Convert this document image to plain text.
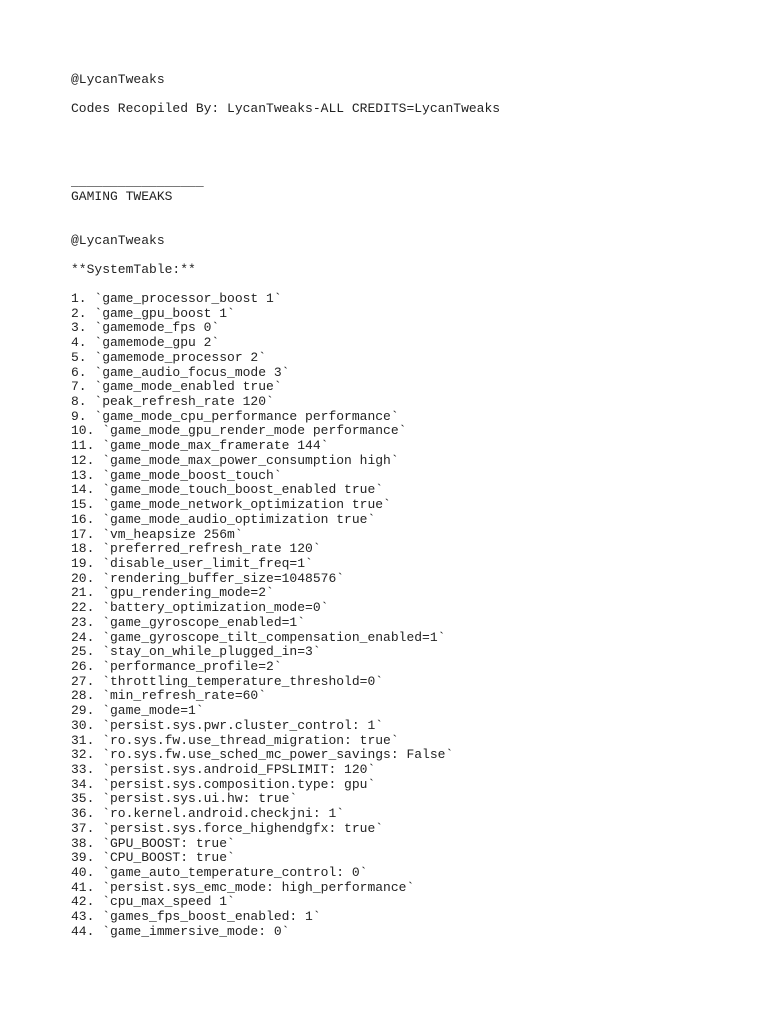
@LycanTweaks
Codes Recopiled By: LycanTweaks-ALL CREDITS=LycanTweaks
_________________
GAMING TWEAKS
@LycanTweaks
**SystemTable:**
1. `game_processor_boost 1`
2. `game_gpu_boost 1`
3. `gamemode_fps 0`
4. `gamemode_gpu 2`
5. `gamemode_processor 2`
6. `game_audio_focus_mode 3`
7. `game_mode_enabled true`
8. `peak_refresh_rate 120`
9. `game_mode_cpu_performance performance`
10. `game_mode_gpu_render_mode performance`
11. `game_mode_max_framerate 144`
12. `game_mode_max_power_consumption high`
13. `game_mode_boost_touch`
14. `game_mode_touch_boost_enabled true`
15. `game_mode_network_optimization true`
16. `game_mode_audio_optimization true`
17. `vm_heapsize 256m`
18. `preferred_refresh_rate 120`
19. `disable_user_limit_freq=1`
20. `rendering_buffer_size=1048576`
21. `gpu_rendering_mode=2`
22. `battery_optimization_mode=0`
23. `game_gyroscope_enabled=1`
24. `game_gyroscope_tilt_compensation_enabled=1`
25. `stay_on_while_plugged_in=3`
26. `performance_profile=2`
27. `throttling_temperature_threshold=0`
28. `min_refresh_rate=60`
29. `game_mode=1`
30. `persist.sys.pwr.cluster_control: 1`
31. `ro.sys.fw.use_thread_migration: true`
32. `ro.sys.fw.use_sched_mc_power_savings: False`
33. `persist.sys.android_FPSLIMIT: 120`
34. `persist.sys.composition.type: gpu`
35. `persist.sys.ui.hw: true`
36. `ro.kernel.android.checkjni: 1`
37. `persist.sys.force_highendgfx: true`
38. `GPU_BOOST: true`
39. `CPU_BOOST: true`
40. `game_auto_temperature_control: 0`
41. `persist.sys_emc_mode: high_performance`
42. `cpu_max_speed 1`
43. `games_fps_boost_enabled: 1`
44. `game_immersive_mode: 0`
